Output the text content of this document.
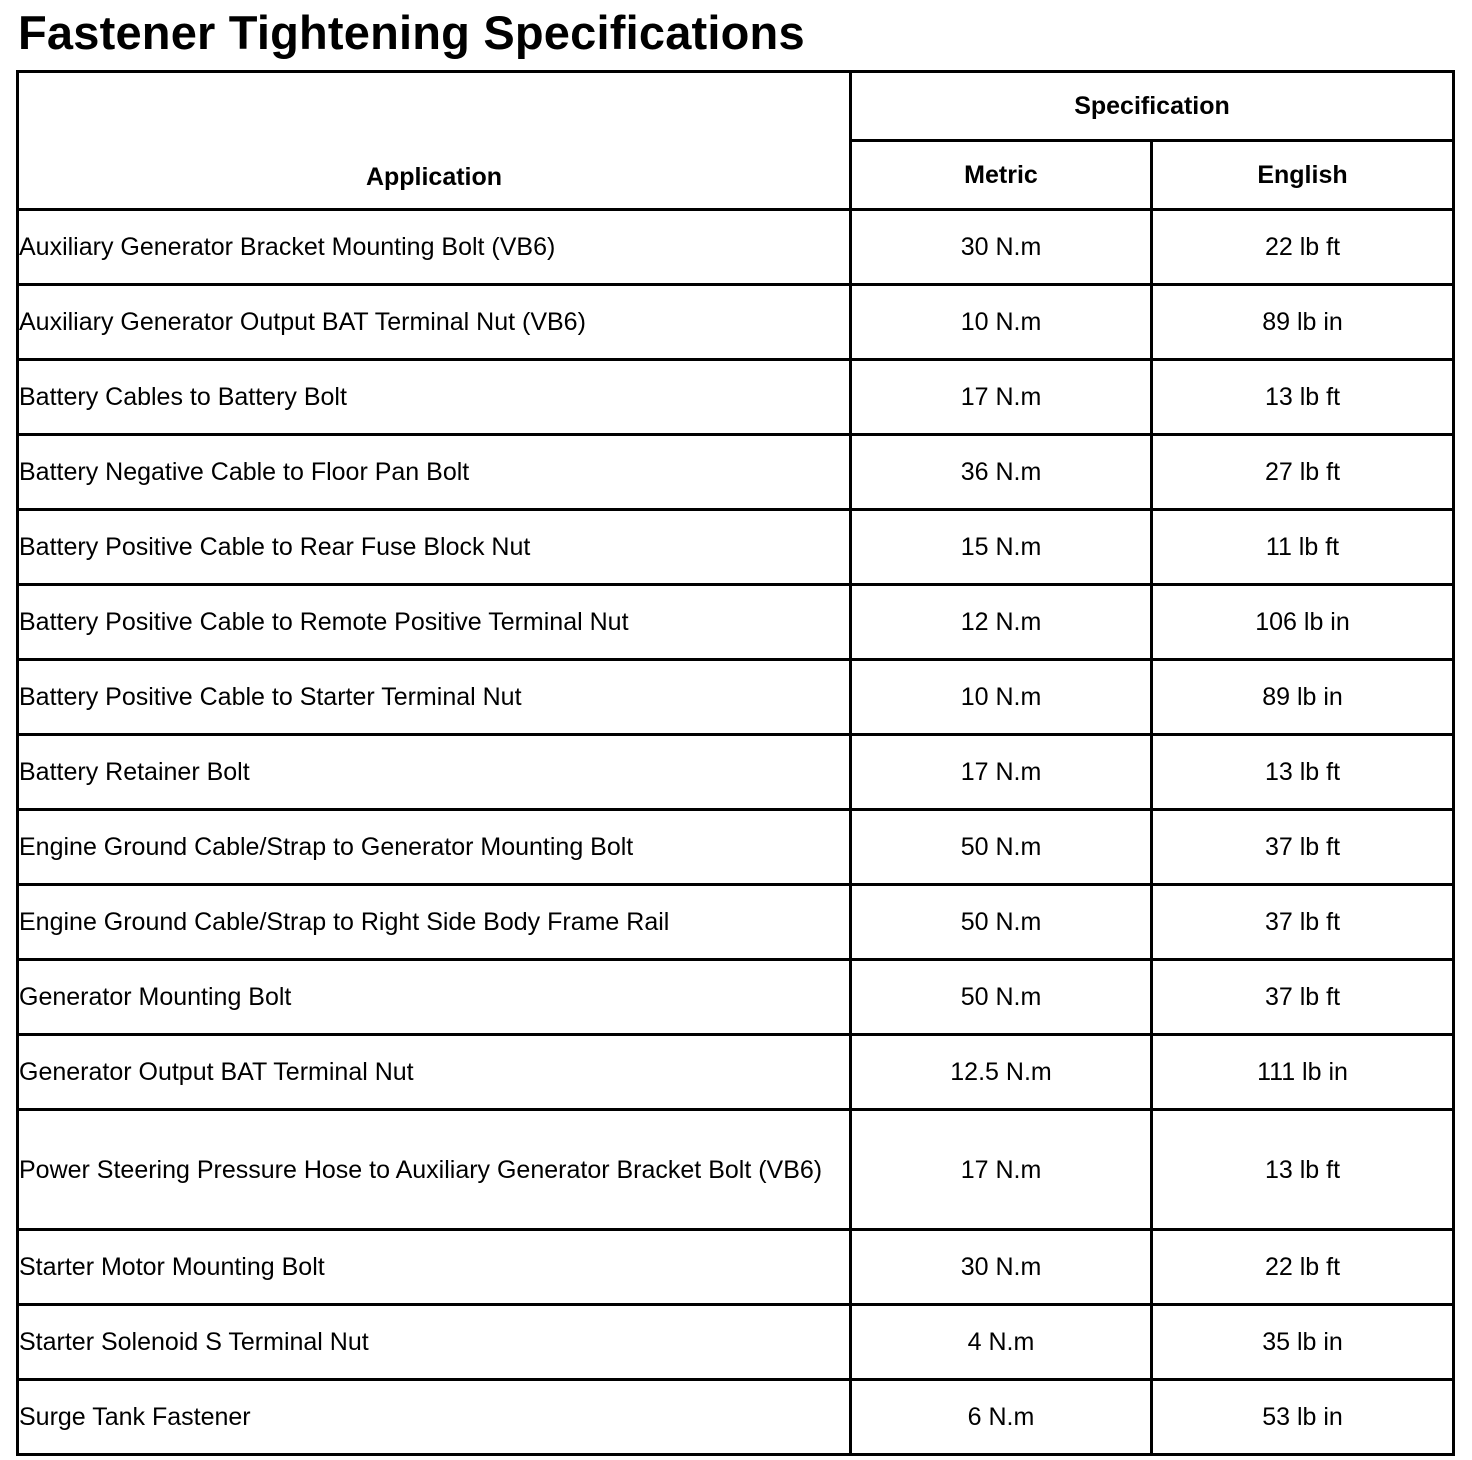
Fastener Tightening Specifications
Application	Specification	
	Metric	English
Auxiliary Generator Bracket Mounting Bolt (VB6)	30 N.m	22 lb ft
Auxiliary Generator Output BAT Terminal Nut (VB6)	10 N.m	89 lb in
Battery Cables to Battery Bolt	17 N.m	13 lb ft
Battery Negative Cable to Floor Pan Bolt	36 N.m	27 lb ft
Battery Positive Cable to Rear Fuse Block Nut	15 N.m	11 lb ft
Battery Positive Cable to Remote Positive Terminal Nut	12 N.m	106 lb in
Battery Positive Cable to Starter Terminal Nut	10 N.m	89 lb in
Battery Retainer Bolt	17 N.m	13 lb ft
Engine Ground Cable/Strap to Generator Mounting Bolt	50 N.m	37 lb ft
Engine Ground Cable/Strap to Right Side Body Frame Rail	50 N.m	37 lb ft
Generator Mounting Bolt	50 N.m	37 lb ft
Generator Output BAT Terminal Nut	12.5 N.m	111 lb in
Power Steering Pressure Hose to Auxiliary Generator Bracket Bolt (VB6)	17 N.m	13 lb ft
Starter Motor Mounting Bolt	30 N.m	22 lb ft
Starter Solenoid S Terminal Nut	4 N.m	35 lb in
Surge Tank Fastener	6 N.m	53 lb in
